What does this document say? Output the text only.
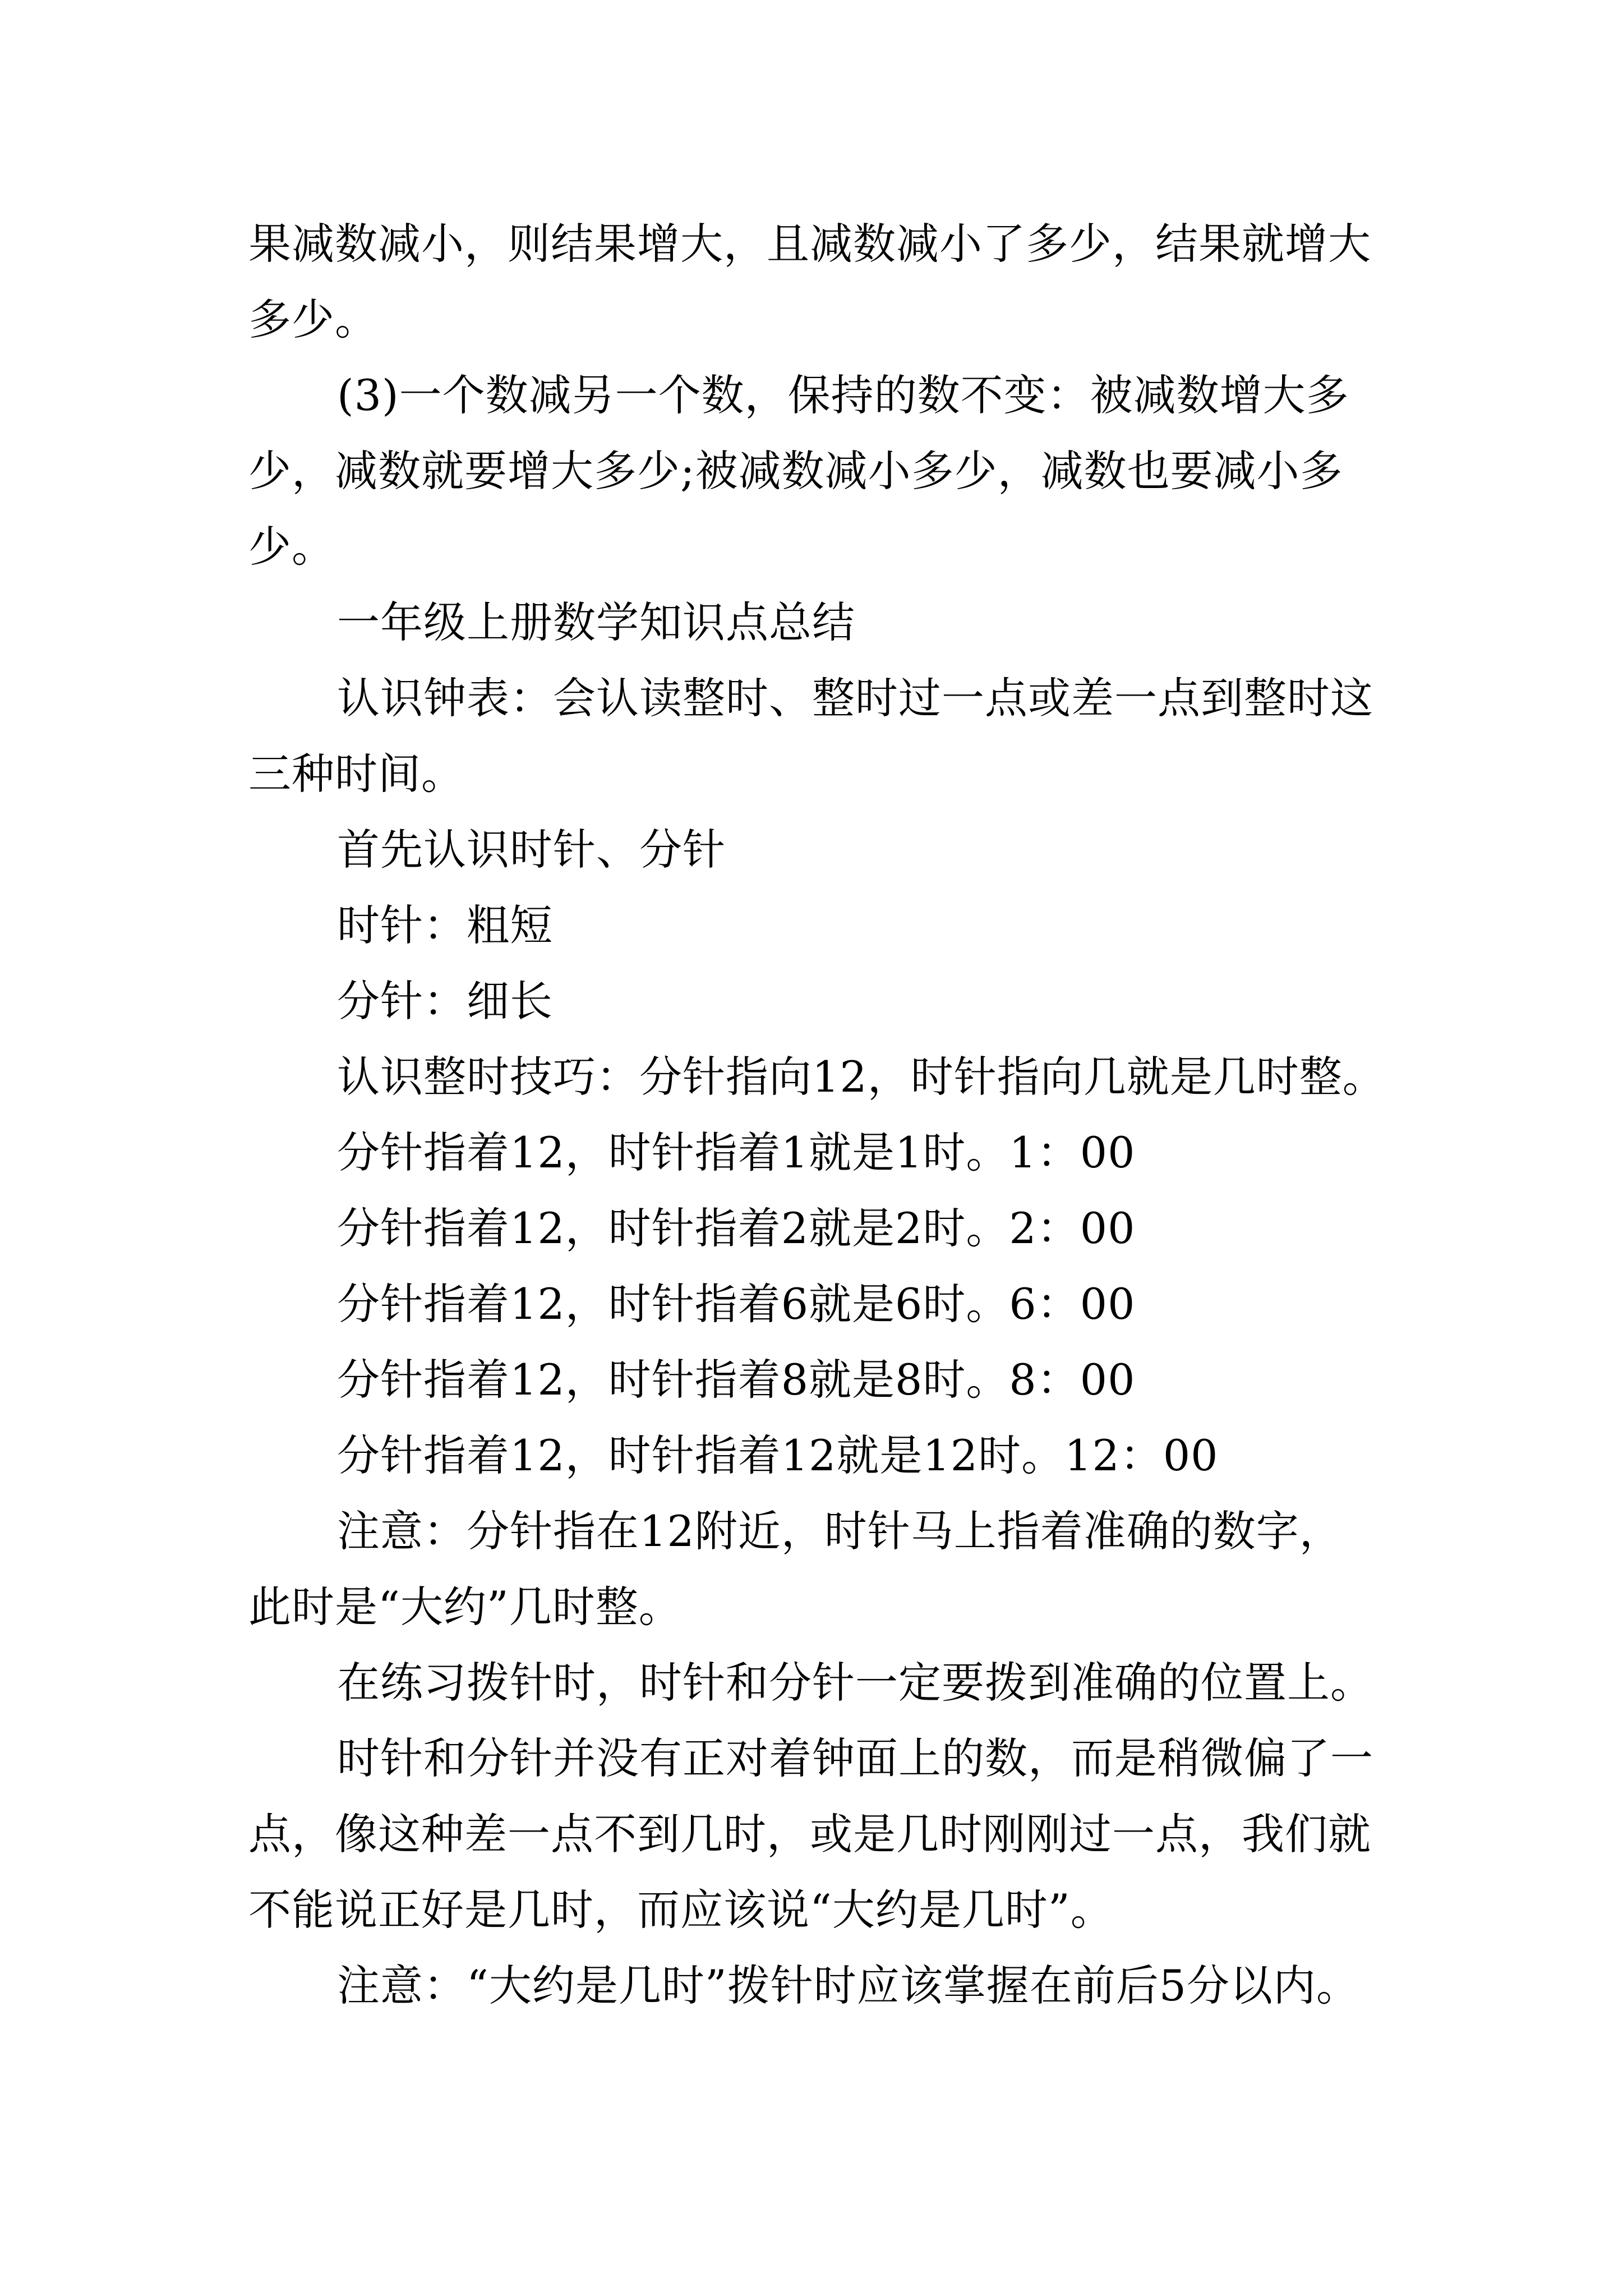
果减数减小，则结果增大，且减数减小了多少，结果就增大
多少。
(3)一个数减另一个数，保持的数不变：被减数增大多
少，减数就要增大多少;被减数减小多少，减数也要减小多
少。
一年级上册数学知识点总结
认识钟表：会认读整时、整时过一点或差一点到整时这
三种时间。
首先认识时针、分针
时针：粗短
分针：细长
认识整时技巧：分针指向12，时针指向几就是几时整。
分针指着12，时针指着1就是1时。1：00
分针指着12，时针指着2就是2时。2：00
分针指着12，时针指着6就是6时。6：00
分针指着12，时针指着8就是8时。8：00
分针指着12，时针指着12就是12时。12：00
注意：分针指在12附近，时针马上指着准确的数字，
此时是“大约”几时整。
在练习拨针时，时针和分针一定要拨到准确的位置上。
时针和分针并没有正对着钟面上的数，而是稍微偏了一
点，像这种差一点不到几时，或是几时刚刚过一点，我们就
不能说正好是几时，而应该说“大约是几时”。
注意：“大约是几时”拨针时应该掌握在前后5分以内。
